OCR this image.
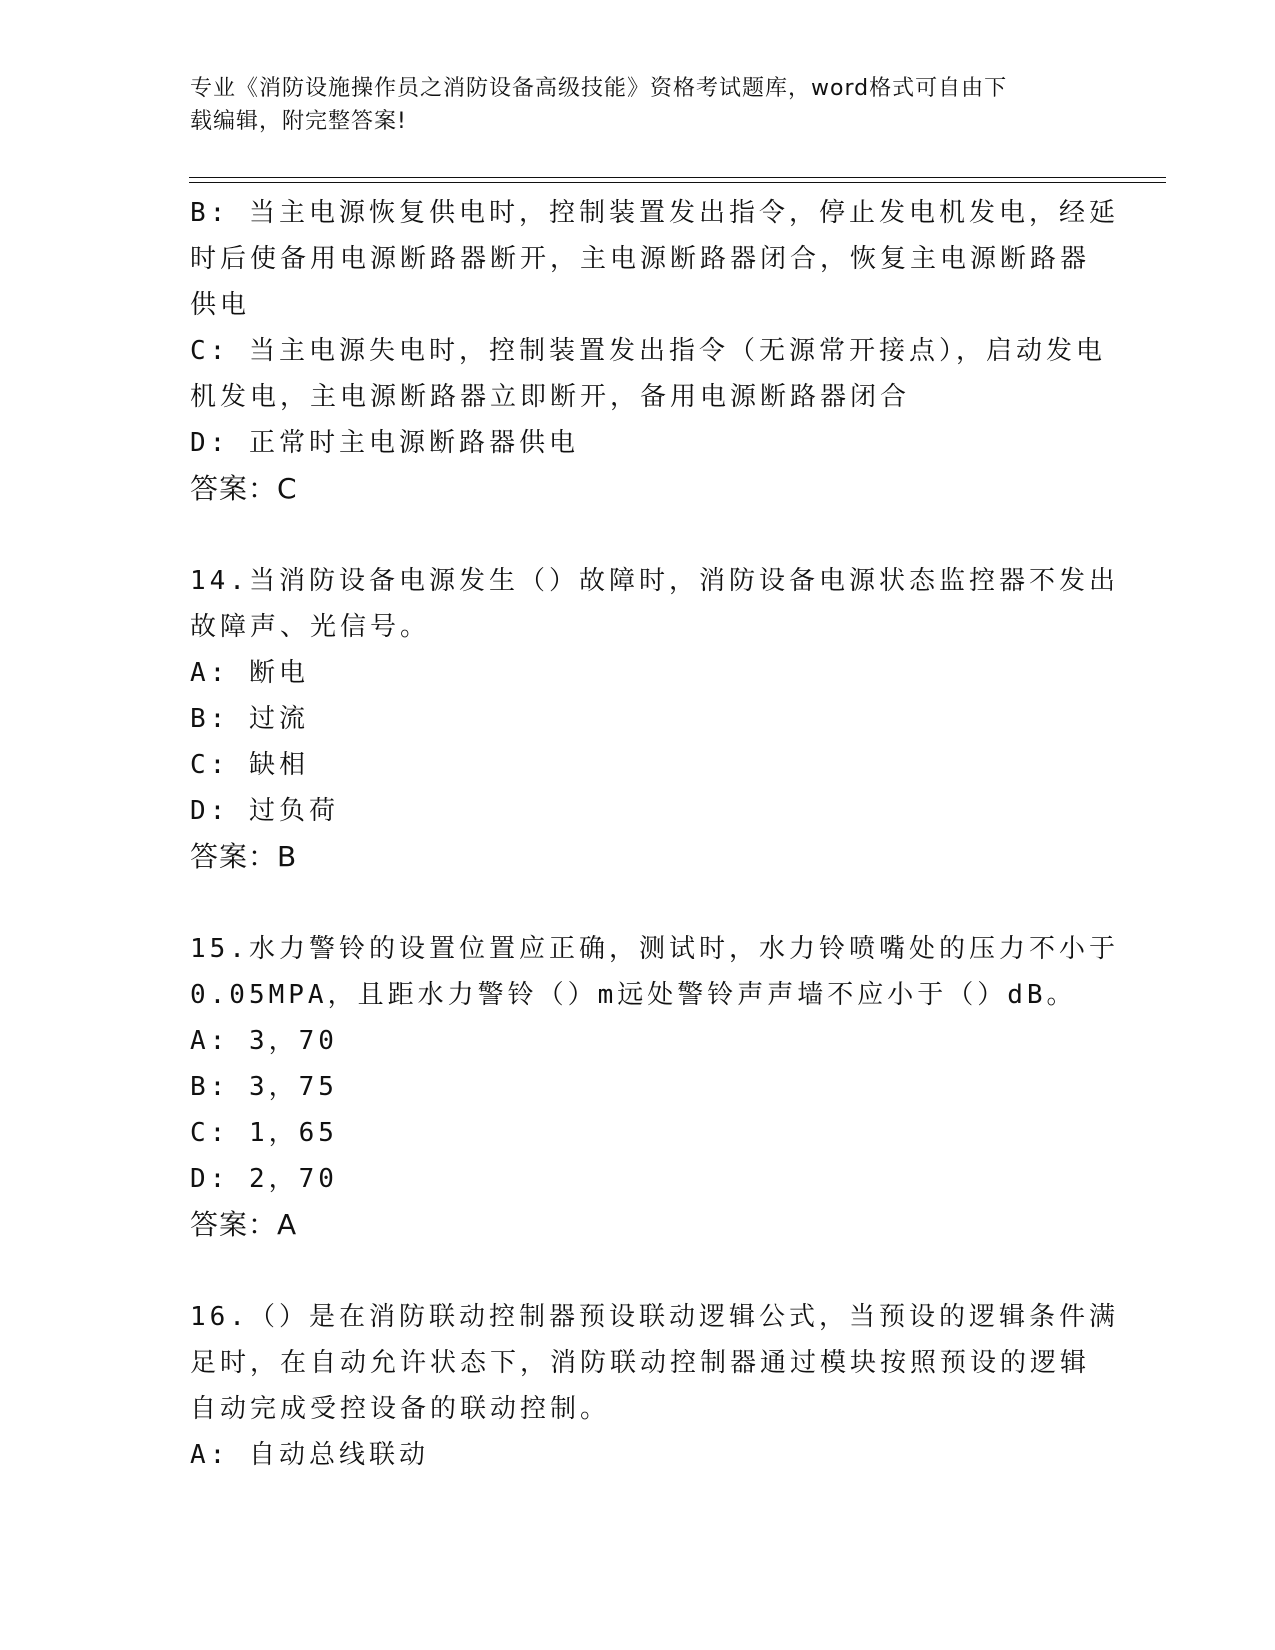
专业《消防设施操作员之消防设备高级技能》资格考试题库，word格式可自由下
载编辑，附完整答案!
B: 当主电源恢复供电时，控制装置发出指令，停止发电机发电，经延
时后使备用电源断路器断开，主电源断路器闭合，恢复主电源断路器
供电
C: 当主电源失电时，控制装置发出指令（无源常开接点），启动发电
机发电，主电源断路器立即断开，备用电源断路器闭合
D: 正常时主电源断路器供电
答案：C
14.当消防设备电源发生（）故障时，消防设备电源状态监控器不发出
故障声、光信号。
A: 断电
B: 过流
C: 缺相
D: 过负荷
答案：B
15.水力警铃的设置位置应正确，测试时，水力铃喷嘴处的压力不小于
0.05MPA，且距水力警铃（）m远处警铃声声墙不应小于（）dB。
A: 3，70
B: 3，75
C: 1，65
D: 2，70
答案：A
16.（）是在消防联动控制器预设联动逻辑公式，当预设的逻辑条件满
足时，在自动允许状态下，消防联动控制器通过模块按照预设的逻辑
自动完成受控设备的联动控制。
A: 自动总线联动
